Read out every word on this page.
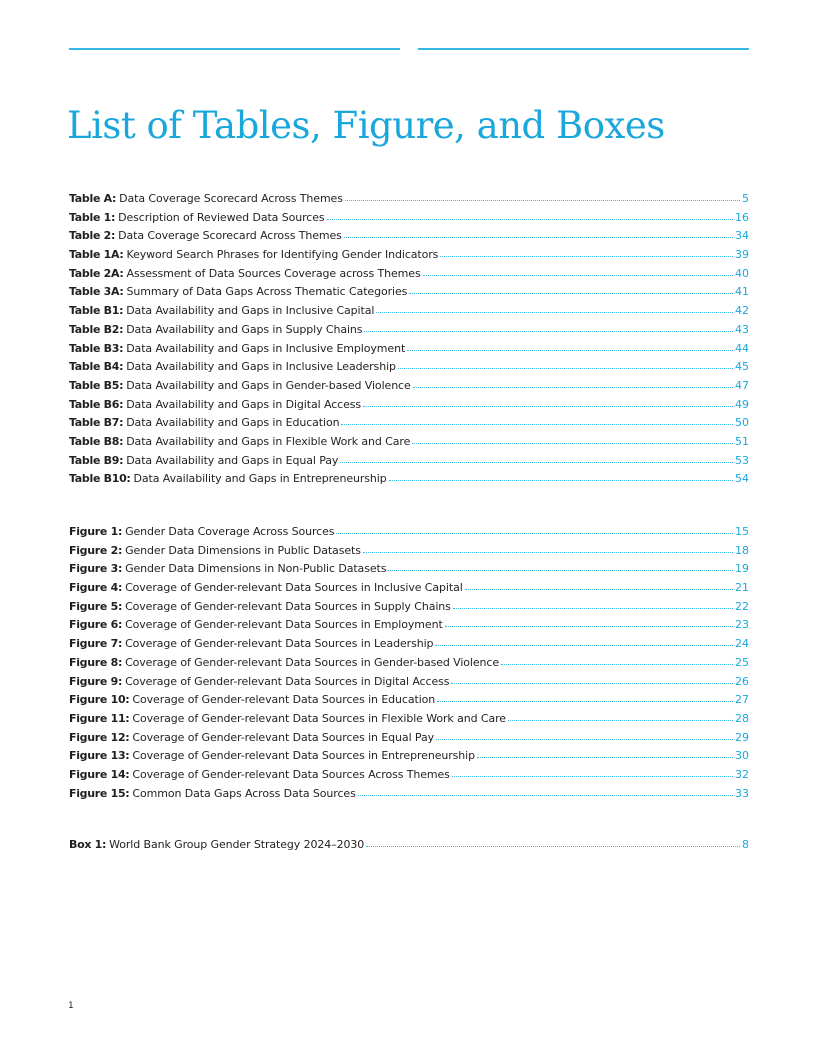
List of Tables, Figure, and Boxes
Table A: Data Coverage Scorecard Across Themes	5
Table 1: Description of Reviewed Data Sources	16
Table 2: Data Coverage Scorecard Across Themes	34
Table 1A: Keyword Search Phrases for Identifying Gender Indicators	39
Table 2A: Assessment of Data Sources Coverage across Themes	40
Table 3A: Summary of Data Gaps Across Thematic Categories	41
Table B1: Data Availability and Gaps in Inclusive Capital	42
Table B2: Data Availability and Gaps in Supply Chains	43
Table B3: Data Availability and Gaps in Inclusive Employment	44
Table B4: Data Availability and Gaps in Inclusive Leadership	45
Table B5: Data Availability and Gaps in Gender-based Violence	47
Table B6: Data Availability and Gaps in Digital Access	49
Table B7: Data Availability and Gaps in Education	50
Table B8: Data Availability and Gaps in Flexible Work and Care	51
Table B9: Data Availability and Gaps in Equal Pay	53
Table B10: Data Availability and Gaps in Entrepreneurship	54
Figure 1: Gender Data Coverage Across Sources	15
Figure 2: Gender Data Dimensions in Public Datasets	18
Figure 3: Gender Data Dimensions in Non-Public Datasets	19
Figure 4: Coverage of Gender-relevant Data Sources in Inclusive Capital	21
Figure 5: Coverage of Gender-relevant Data Sources in Supply Chains	22
Figure 6: Coverage of Gender-relevant Data Sources in Employment	23
Figure 7: Coverage of Gender-relevant Data Sources in Leadership	24
Figure 8: Coverage of Gender-relevant Data Sources in Gender-based Violence	25
Figure 9: Coverage of Gender-relevant Data Sources in Digital Access	26
Figure 10: Coverage of Gender-relevant Data Sources in Education	27
Figure 11: Coverage of Gender-relevant Data Sources in Flexible Work and Care	28
Figure 12: Coverage of Gender-relevant Data Sources in Equal Pay	29
Figure 13: Coverage of Gender-relevant Data Sources in Entrepreneurship	30
Figure 14: Coverage of Gender-relevant Data Sources Across Themes	32
Figure 15: Common Data Gaps Across Data Sources	33
Box 1: World Bank Group Gender Strategy 2024–2030	8
1
